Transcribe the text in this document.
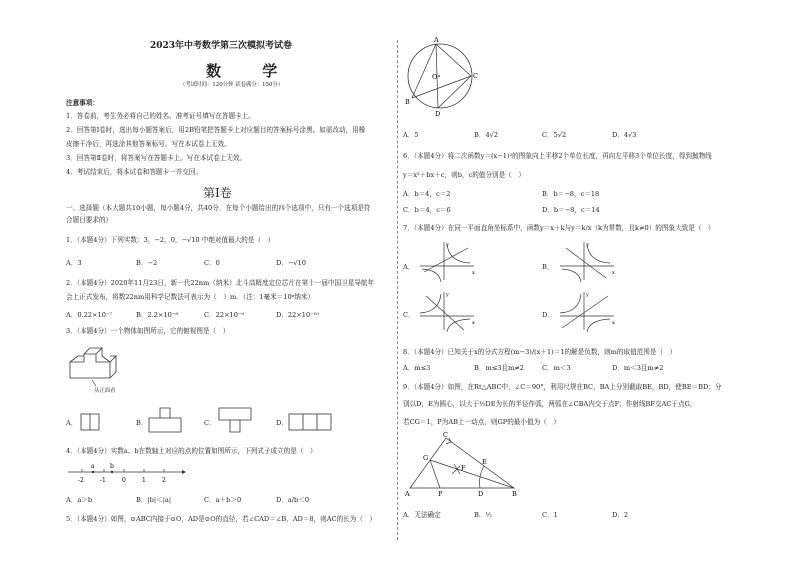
2023年中考数学第三次模拟考试卷
数 学
（考试时间：120分钟 试卷满分：150分）
注意事项：
1．答卷前，考生务必将自己的姓名、准考证号填写在答题卡上。
2．回答第Ⅰ卷时，选出每小题答案后，用2B铅笔把答题卡上对应题目的答案标号涂黑。如需改动，用橡
皮擦干净后，再选涂其他答案标号。写在本试卷上无效。
3．回答第Ⅱ卷时，将答案写在答题卡上。写在本试卷上无效。
4．考试结束后，将本试卷和答题卡一并交回。
第Ⅰ卷
一、选择题（本大题共10小题，每小题4分，共40分．在每个小题给出的四个选项中，只有一个选项是符
合题目要求的）
1．（本题4分）下列实数：3，−2，0，−√10 中绝对值最大的是（　）
A．3	B．−2	C．0	D．−√10
2．（本题4分）2020年11月23日，新一代22nm（纳米）北斗高精度定位芯片在第十一届中国卫星导航年
会上正式发布，将数22nm用科学记数法可表示为（　）m．（注：1毫米＝10⁶纳米）
A．0.22×10⁻⁷	B．2.2×10⁻⁸	C．22×10⁻⁹	D．22×10⁻¹⁰
3．（本题4分）一个物体如图所示，它的俯视图是（　）
从正面看
A．	B．	C．	D．
4．（本题4分）实数a、b在数轴上对应的点的位置如图所示，下列式子成立的是（　）
a	b
-2	-1	0	1	2
A．a＞b	B．|b|＜|a|	C．a＋b＞0	D．a/b＜0
5．（本题4分）如图，⊙ABC内接于⊙O，AD是⊙O的直径，若∠CAD＝∠B，AD＝8，则AC的长为（　）
A
B
C
D
O
A．5	B．4√2	C．5√2	D．4√3
6．（本题4分）将二次函数y＝(x−1)²的图象向上平移2个单位长度，再向左平移3个单位长度，得到抛物线
y＝x²＋bx＋c，则b，c的值分别是（　）
A．b＝4，c＝2	B．b＝−8，c＝18
C．b＝4，c＝6	D．b＝−8，c＝14
7．（本题4分）在同一平面直角坐标系中，函数y＝x＋k与y＝k/x（k为常数，且k≠0）的图象大致是（　）
A．
x
y
B．
x
y
C．
x
y
D．
x
y
8．（本题4分）已知关于x的分式方程(m−3)/(x＋1)＝1的解是负数，则m的取值范围是（　）
A．m≤3	B．m≤3且m≠2	C．m＜3	D．m＜3且m≠2
9．（本题4分）如图，在Rt△ABC中，∠C＝90°，利用尺规在BC，BA上分别截取BE，BD，使BE＝BD；分
别以D，E为圆心，以大于½DE为长的半径作弧，两弧在∠CBA内交于点F；作射线BF交AC于点G，
若CG＝1，P为AB上一动点，则GP的最小值为（　）
A	B
C
G	E
D
P
F
A．无法确定	B．½	C．1	D．2
